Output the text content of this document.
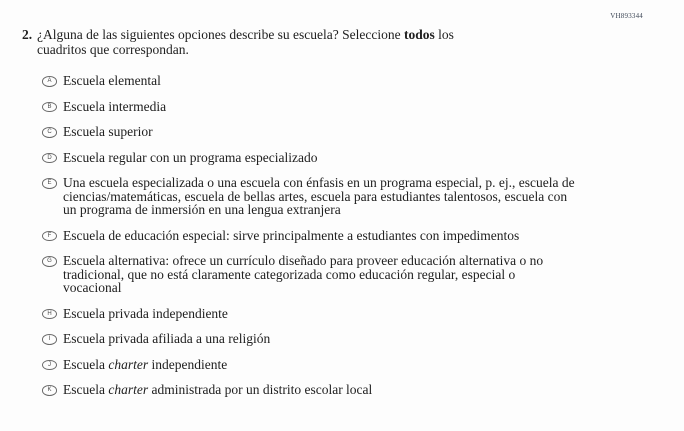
VH893344
2. ¿Alguna de las siguientes opciones describe su escuela? Seleccione todos los
cuadritos que correspondan.
A Escuela elemental
B Escuela intermedia
C Escuela superior
D Escuela regular con un programa especializado
E Una escuela especializada o una escuela con énfasis en un programa especial, p. ej., escuela de
ciencias/matemáticas, escuela de bellas artes, escuela para estudiantes talentosos, escuela con
un programa de inmersión en una lengua extranjera
F Escuela de educación especial: sirve principalmente a estudiantes con impedimentos
G Escuela alternativa: ofrece un currículo diseñado para proveer educación alternativa o no
tradicional, que no está claramente categorizada como educación regular, especial o
vocacional
H Escuela privada independiente
I Escuela privada afiliada a una religión
J Escuela charter independiente
K Escuela charter administrada por un distrito escolar local
